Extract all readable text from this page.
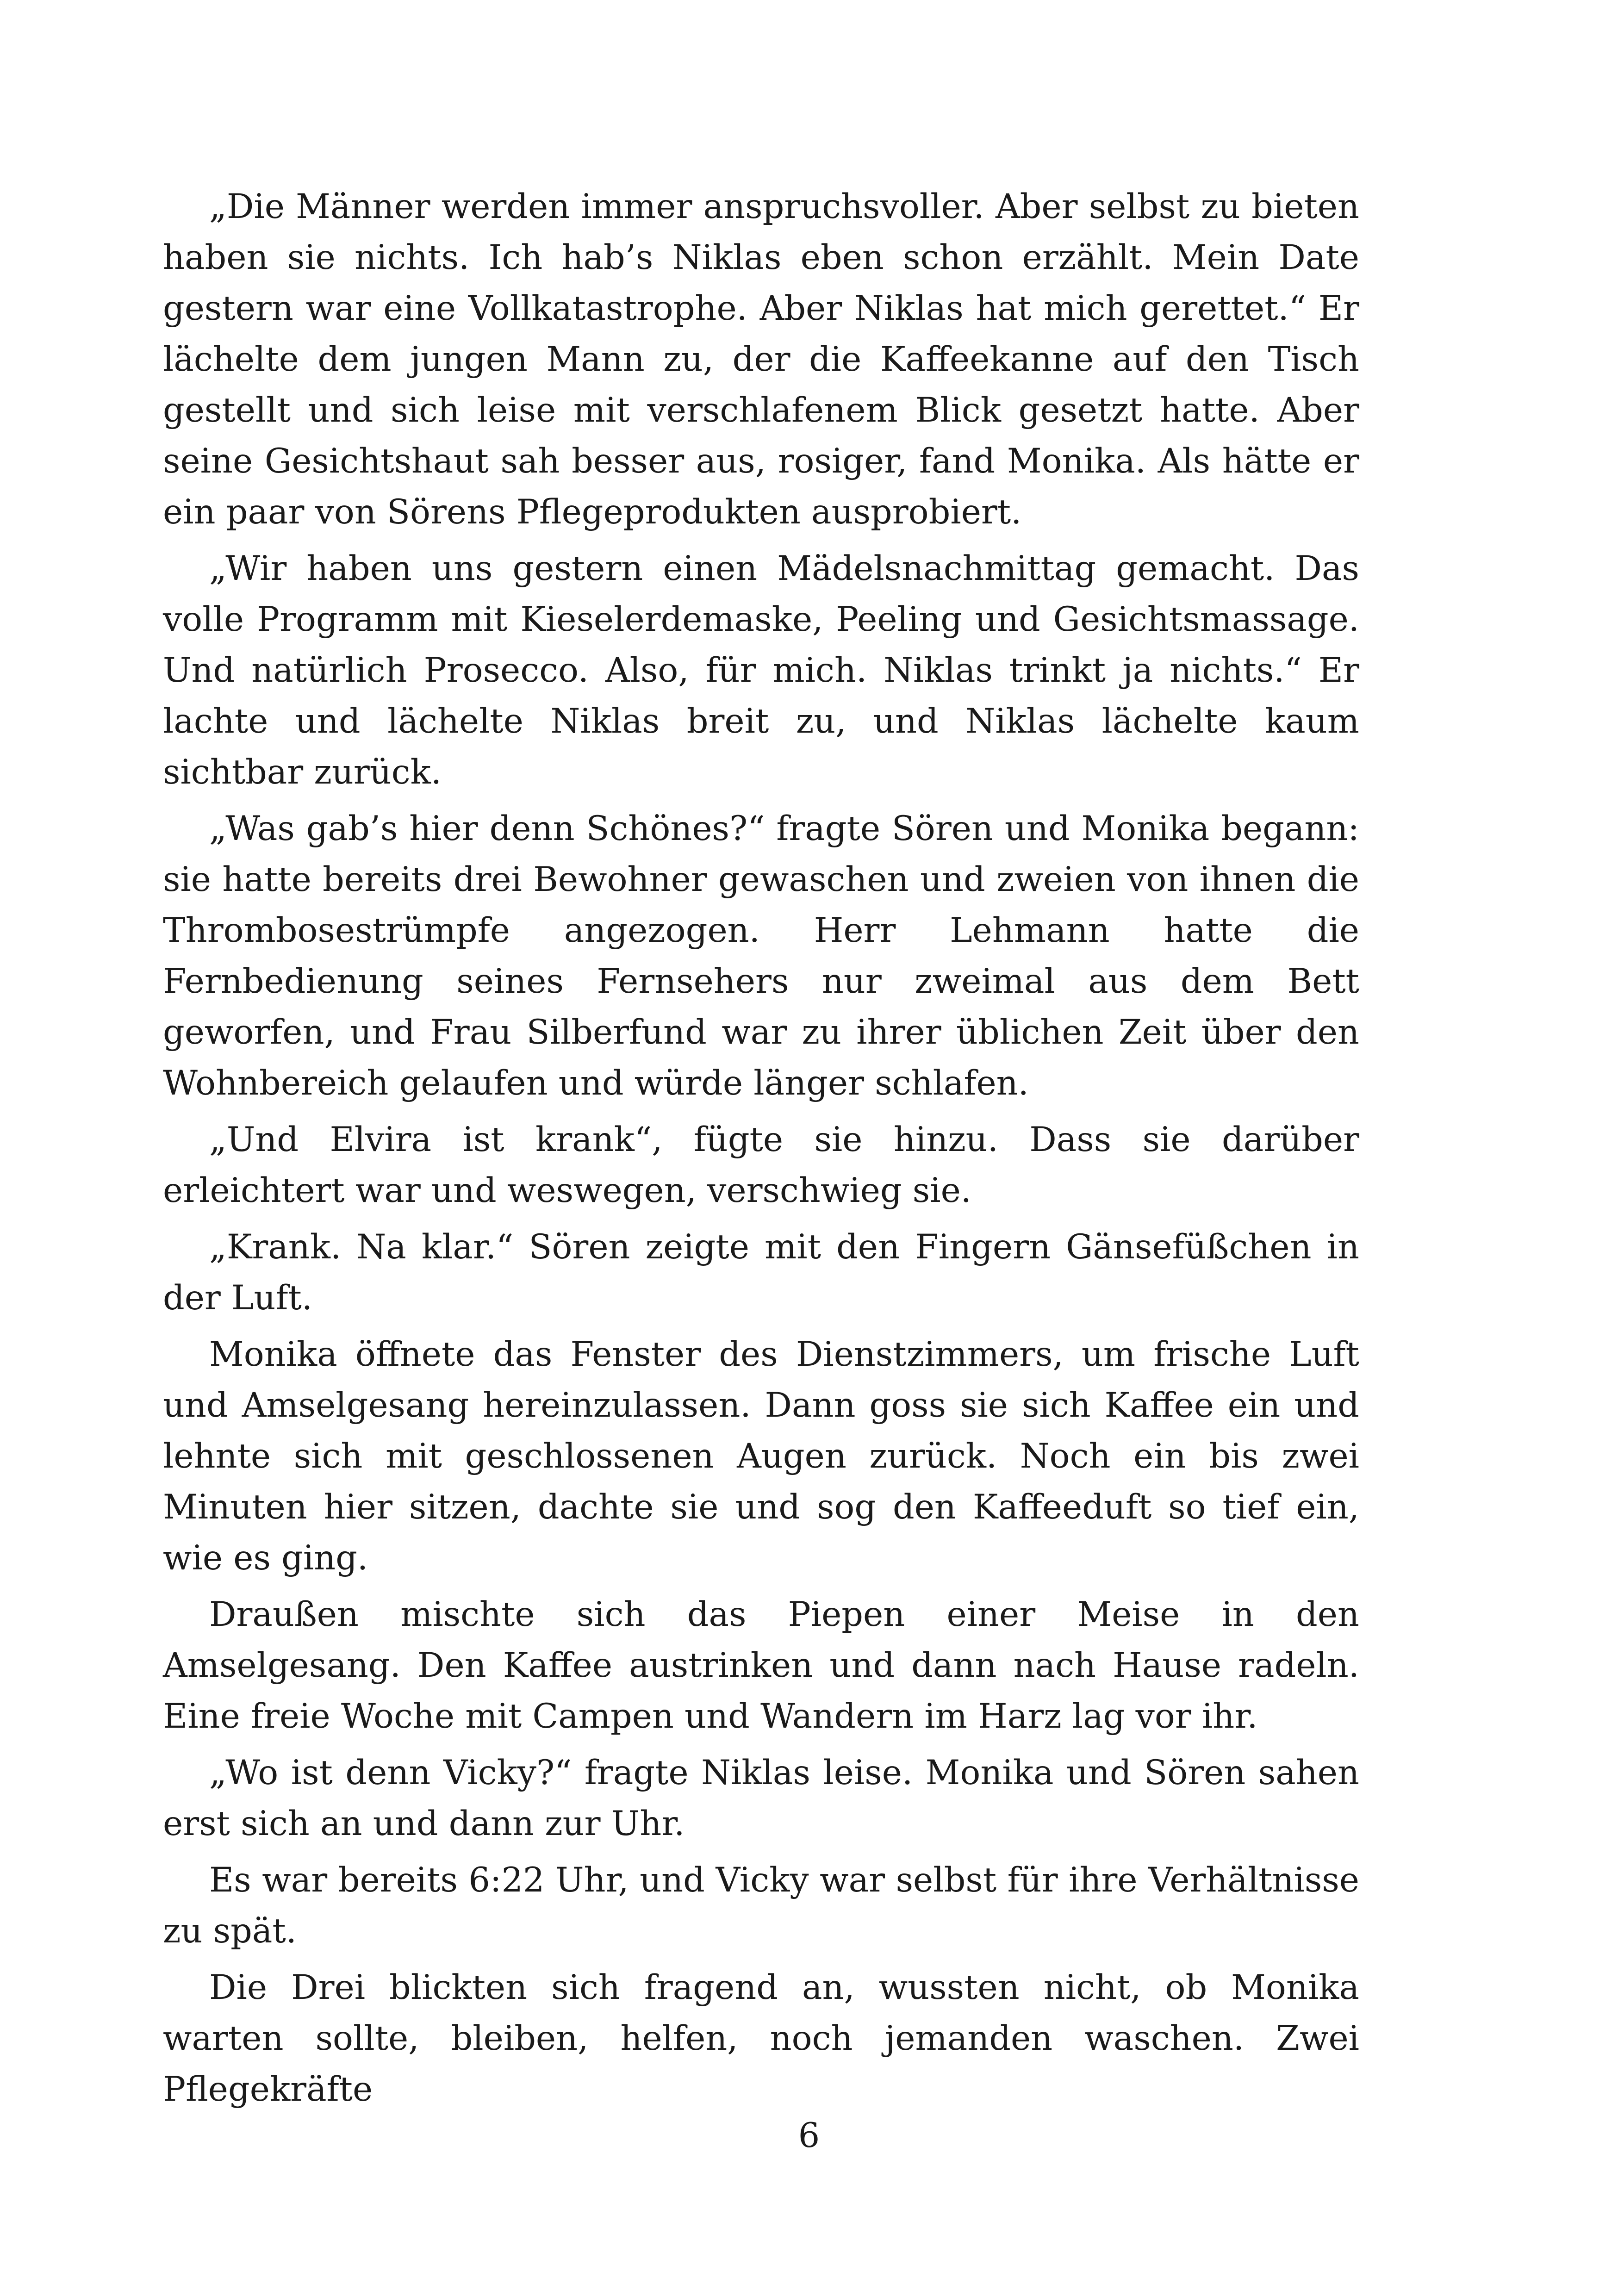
„Die Männer werden immer anspruchsvoller. Aber selbst zu bieten haben sie nichts. Ich hab’s Niklas eben schon erzählt. Mein Date gestern war eine Vollkatastrophe. Aber Niklas hat mich gerettet.“ Er lächelte dem jungen Mann zu, der die Kaffeekanne auf den Tisch gestellt und sich leise mit verschlafenem Blick gesetzt hatte. Aber seine Gesichtshaut sah besser aus, rosiger, fand Monika. Als hätte er ein paar von Sörens Pflegeprodukten ausprobiert.

„Wir haben uns gestern einen Mädelsnachmittag gemacht. Das volle Programm mit Kieselerdemaske, Peeling und Gesichtsmassage. Und natürlich Prosecco. Also, für mich. Niklas trinkt ja nichts.“ Er lachte und lächelte Niklas breit zu, und Niklas lächelte kaum sichtbar zurück.

„Was gab’s hier denn Schönes?“ fragte Sören und Monika begann: sie hatte bereits drei Bewohner gewaschen und zweien von ihnen die Thrombosestrümpfe angezogen. Herr Lehmann hatte die Fernbedienung seines Fernsehers nur zweimal aus dem Bett geworfen, und Frau Silberfund war zu ihrer üblichen Zeit über den Wohnbereich gelaufen und würde länger schlafen.

„Und Elvira ist krank“, fügte sie hinzu. Dass sie darüber erleichtert war und weswegen, verschwieg sie.

„Krank. Na klar.“ Sören zeigte mit den Fingern Gänsefüßchen in der Luft.

Monika öffnete das Fenster des Dienstzimmers, um frische Luft und Amselgesang hereinzulassen. Dann goss sie sich Kaffee ein und lehnte sich mit geschlossenen Augen zurück. Noch ein bis zwei Minuten hier sitzen, dachte sie und sog den Kaffeeduft so tief ein, wie es ging.

Draußen mischte sich das Piepen einer Meise in den Amselgesang. Den Kaffee austrinken und dann nach Hause radeln. Eine freie Woche mit Campen und Wandern im Harz lag vor ihr.

„Wo ist denn Vicky?“ fragte Niklas leise. Monika und Sören sahen erst sich an und dann zur Uhr.

Es war bereits 6:22 Uhr, und Vicky war selbst für ihre Verhältnisse zu spät.

Die Drei blickten sich fragend an, wussten nicht, ob Monika warten sollte, bleiben, helfen, noch jemanden waschen. Zwei Pflegekräfte

6
